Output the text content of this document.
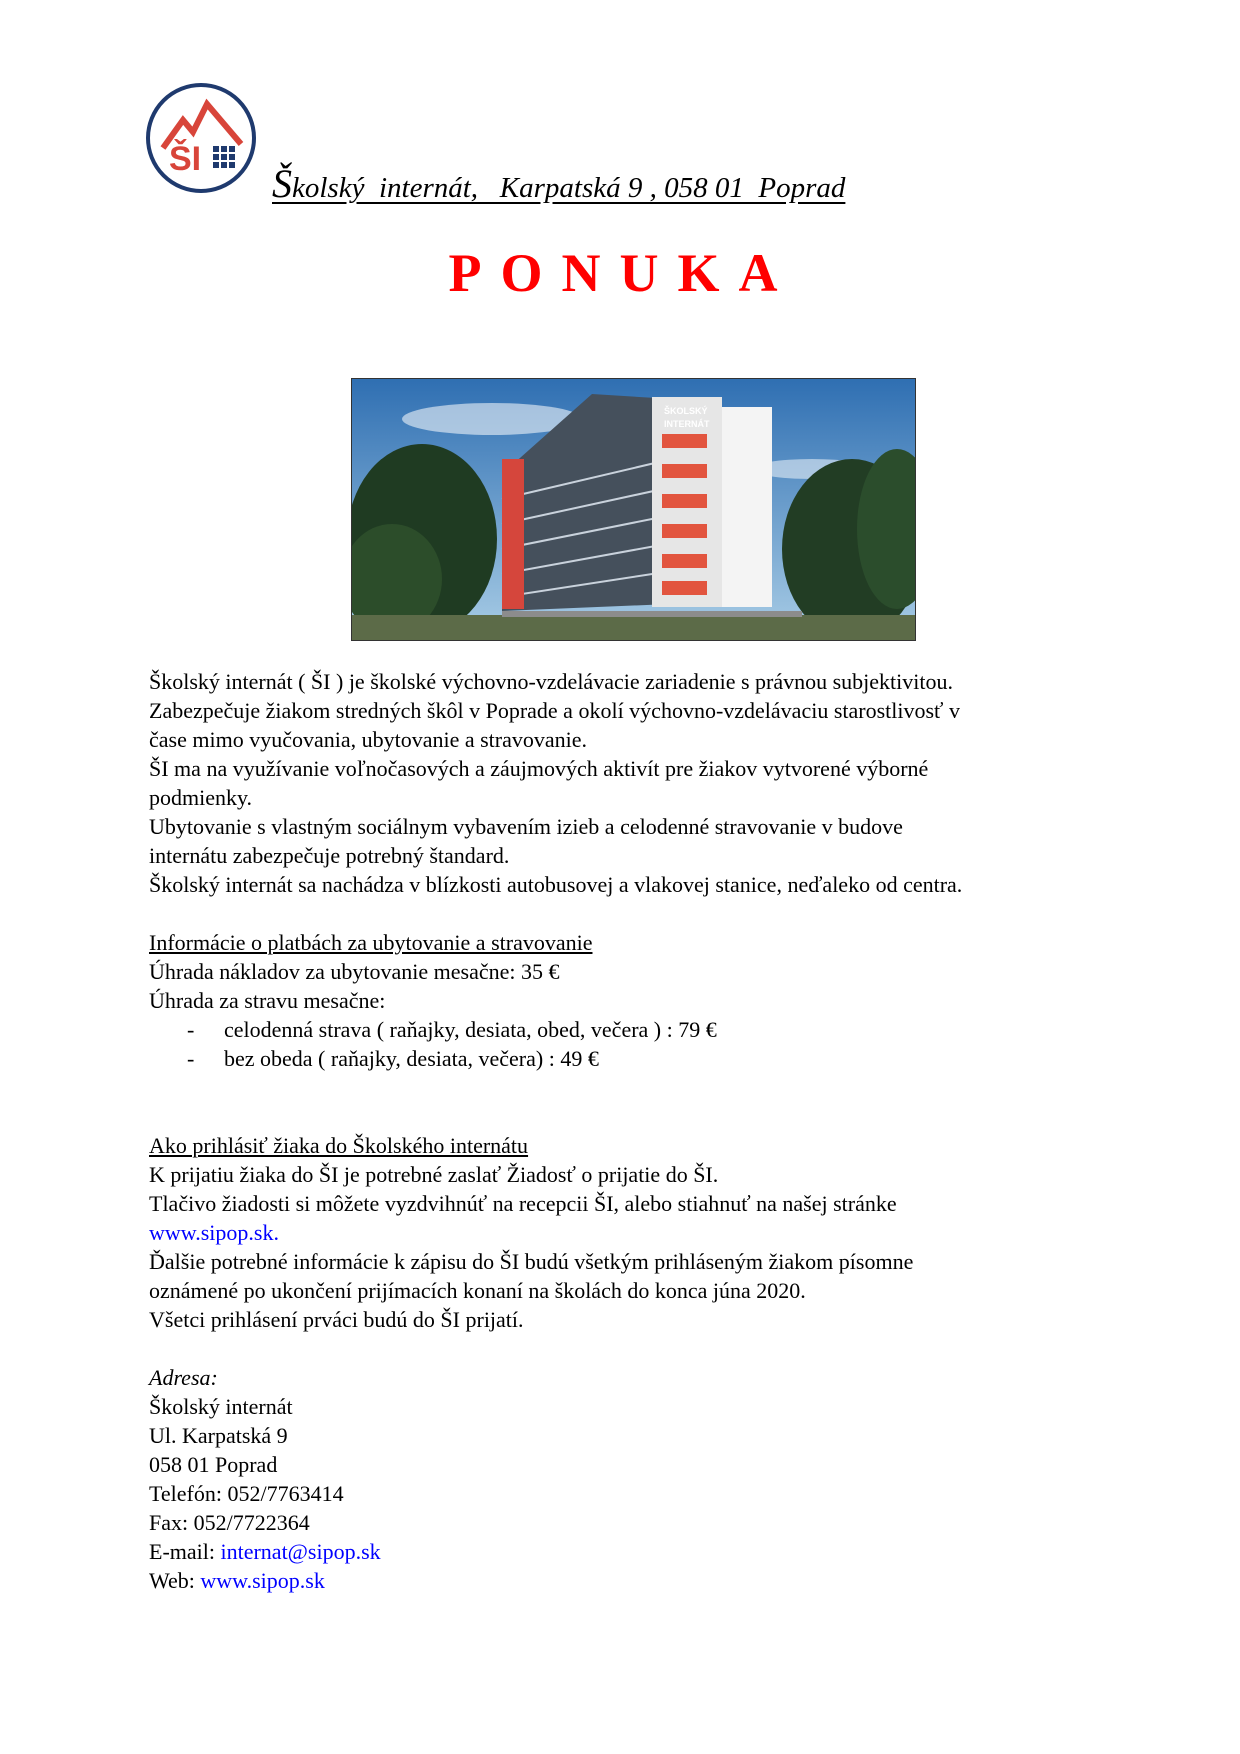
ŠI
Školský  internát,   Karpatská 9 , 058 01  Poprad
PONUKA
ŠKOLSKÝ
INTERNÁT

Školský internát ( ŠI ) je školské výchovno-vzdelávacie zariadenie s právnou subjektivitou.

Zabezpečuje žiakom stredných škôl v Poprade a okolí výchovno-vzdelávaciu starostlivosť v

čase mimo vyučovania, ubytovanie a stravovanie.

ŠI ma na využívanie voľnočasových a záujmových aktivít pre žiakov vytvorené výborné

podmienky.

Ubytovanie s vlastným sociálnym vybavením izieb a celodenné stravovanie v budove

internátu zabezpečuje potrebný štandard.

Školský internát sa nachádza v blízkosti autobusovej a vlakovej stanice, neďaleko od centra.

Informácie o platbách za ubytovanie a stravovanie

Úhrada nákladov za ubytovanie mesačne: 35 €

Úhrada za stravu mesačne:

- celodenná strava ( raňajky, desiata, obed, večera ) : 79 €
- bez obeda ( raňajky, desiata, večera) : 49 €

Ako prihlásiť žiaka do Školského internátu

K prijatiu žiaka do ŠI je potrebné zaslať Žiadosť o prijatie do ŠI.

Tlačivo žiadosti si môžete vyzdvihnúť na recepcii ŠI, alebo stiahnuť na našej stránke

www.sipop.sk.

Ďalšie potrebné informácie k zápisu do ŠI budú všetkým prihláseným žiakom písomne

oznámené po ukončení prijímacích konaní na školách do konca júna 2020.

Všetci prihlásení prváci budú do ŠI prijatí.

Adresa:

Školský internát

Ul. Karpatská 9

058 01 Poprad

Telefón: 052/7763414

Fax: 052/7722364

E-mail: internat@sipop.sk

Web: www.sipop.sk
